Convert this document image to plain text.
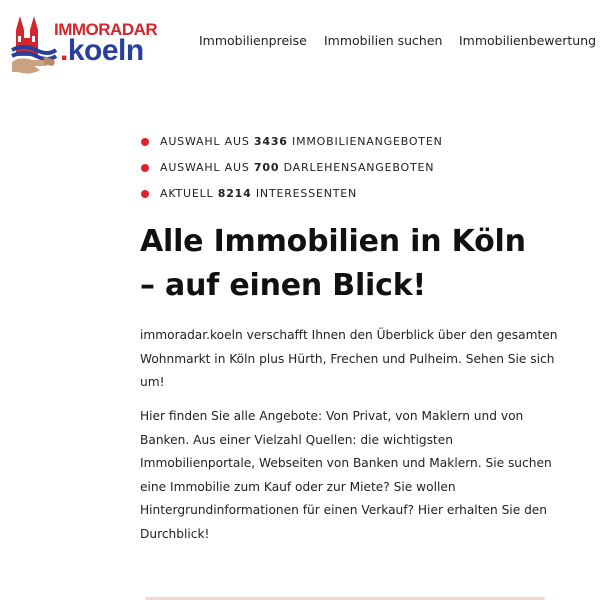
IMMORADAR
.koeln	Immobilienpreise	Immobilien suchen	Immobilienbewertung
AUSWAHL AUS 3436 IMMOBILIENANGEBOTEN
AUSWAHL AUS 700 DARLEHENSANGEBOTEN
AKTUELL 8214 INTERESSENTEN
Alle Immobilien in Köln
– auf einen Blick!

immoradar.koeln verschafft Ihnen den Überblick über den gesamten Wohnmarkt in Köln plus Hürth, Frechen und Pulheim. Sehen Sie sich um!

Hier finden Sie alle Angebote: Von Privat, von Maklern und von Banken. Aus einer Vielzahl Quellen: die wichtigsten Immobilienportale, Webseiten von Banken und Maklern. Sie suchen eine Immobilie zum Kauf oder zur Miete? Sie wollen Hintergrundinformationen für einen Verkauf? Hier erhalten Sie den Durchblick!
